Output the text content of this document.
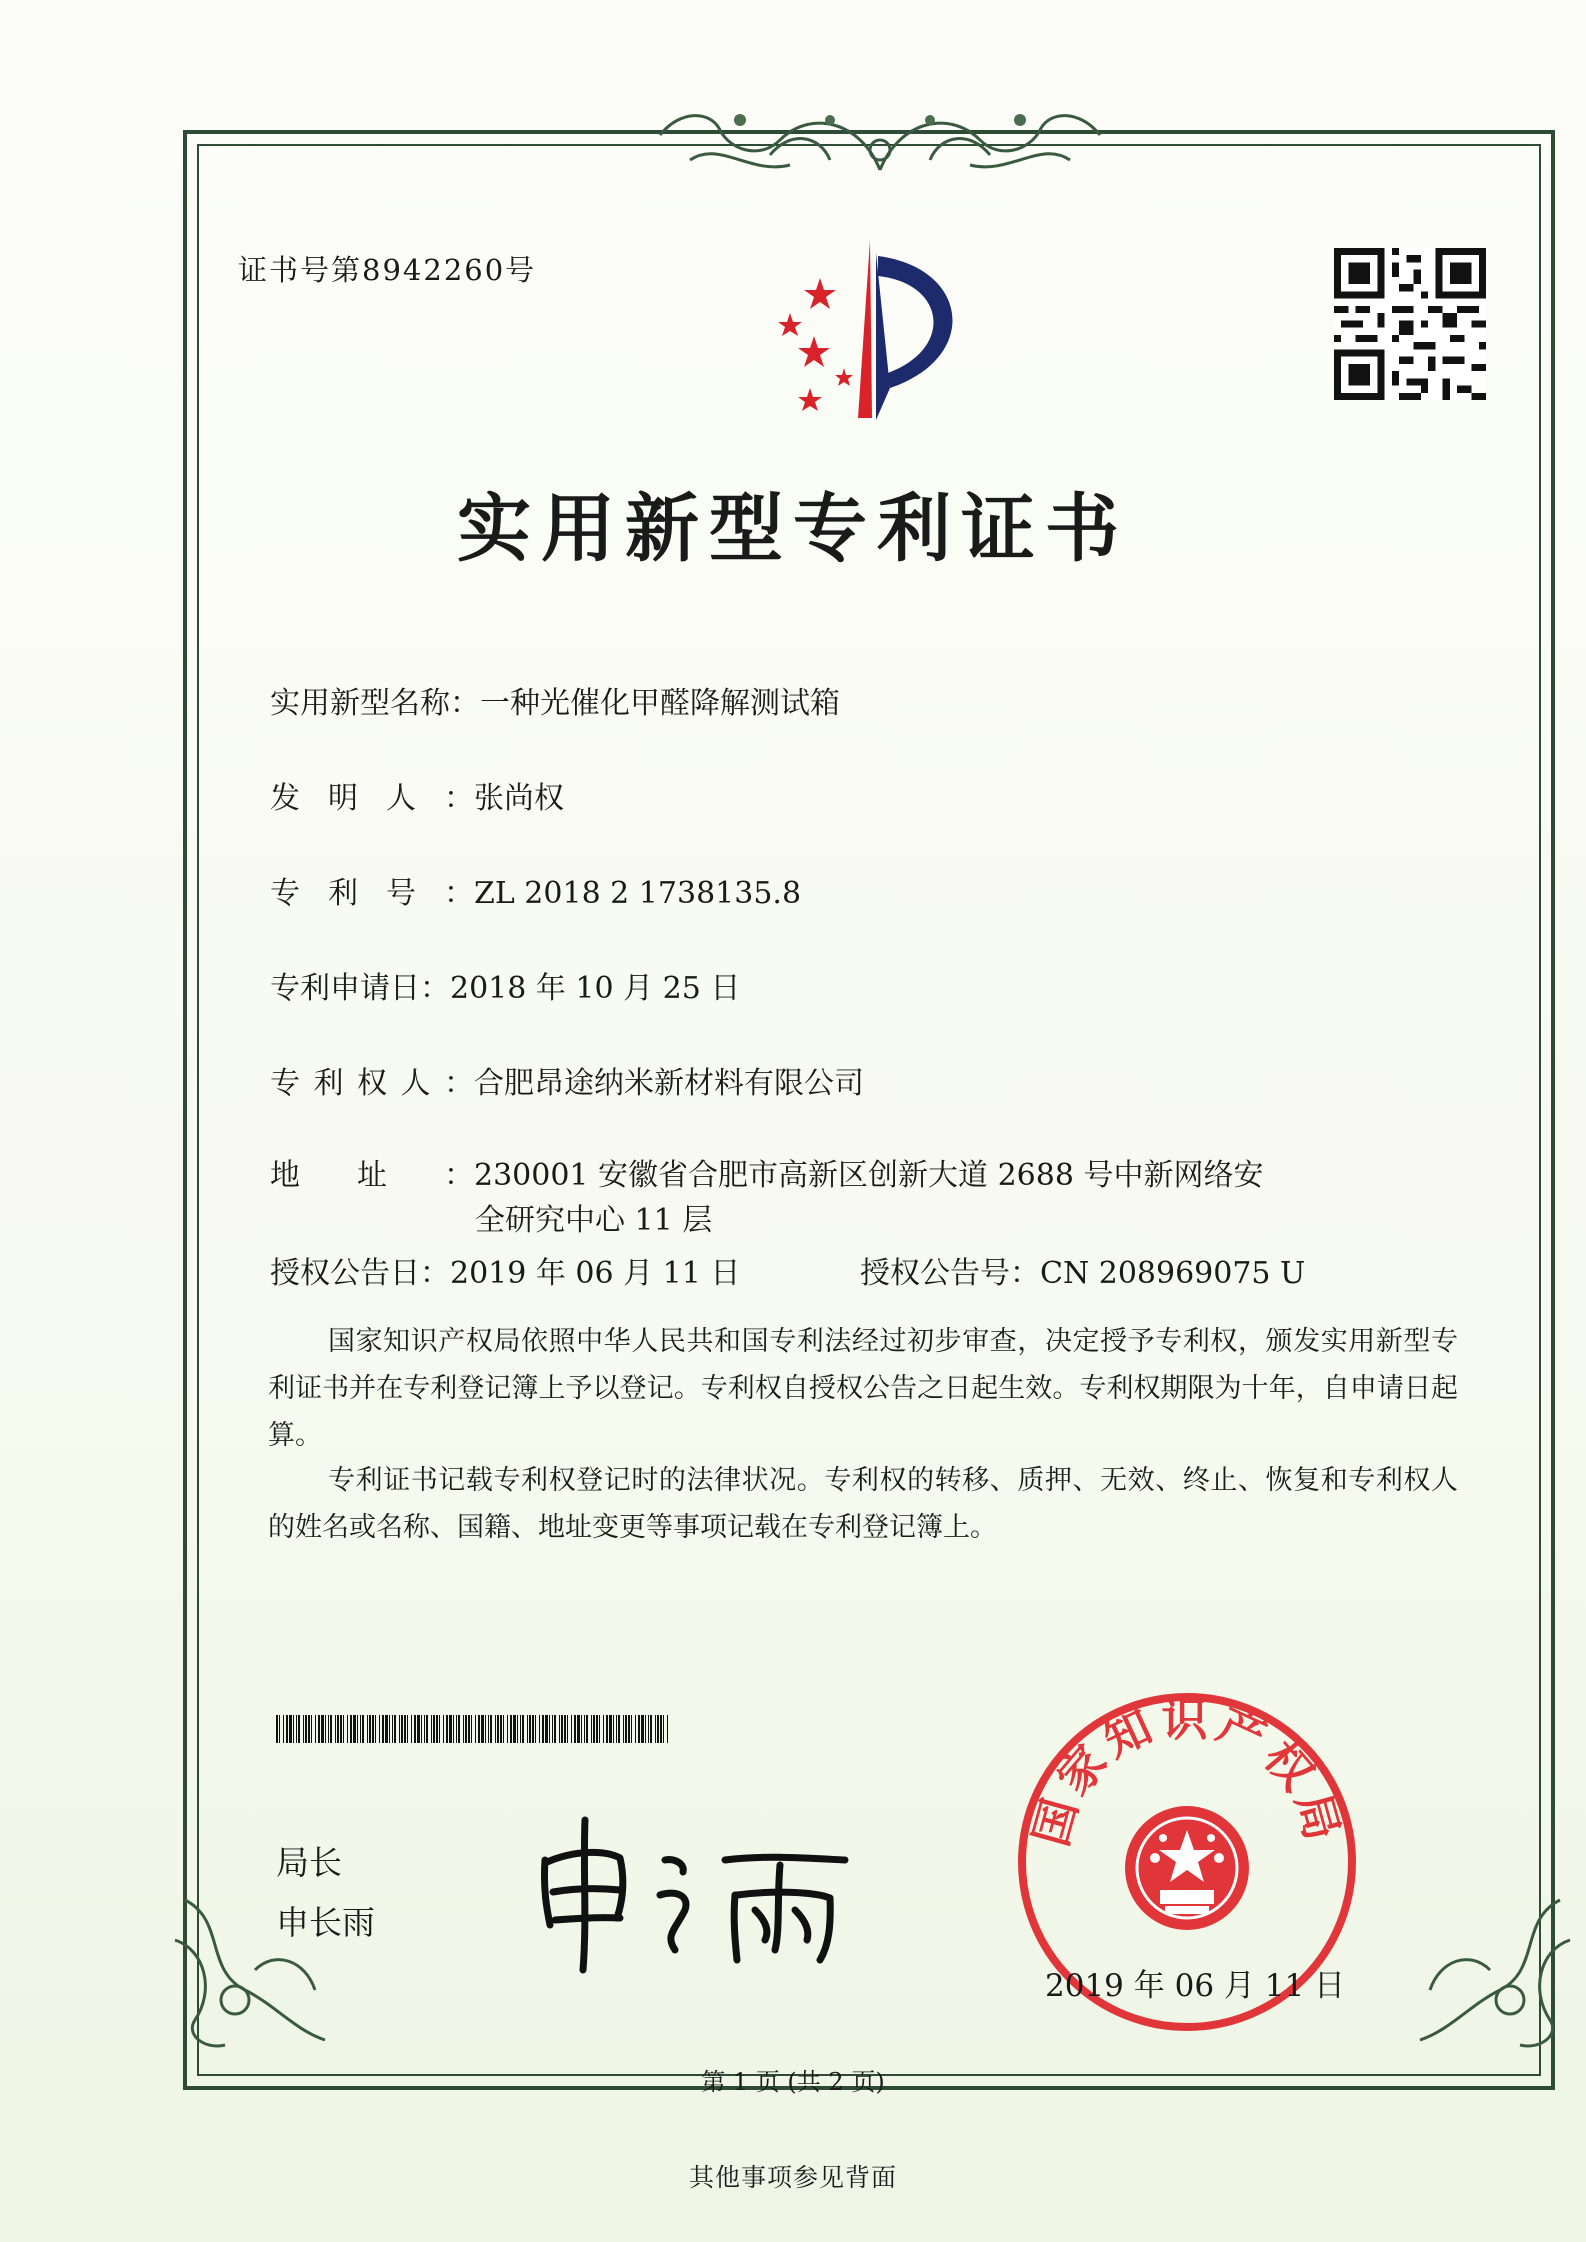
证书号第8942260号
实用新型专利证书
实用新型名称：一种光催化甲醛降解测试箱
发明人：张尚权
专利号：ZL 2018 2 1738135.8
专利申请日：2018 年 10 月 25 日
专利权人：合肥昂途纳米新材料有限公司
地址：230001 安徽省合肥市高新区创新大道 2688 号中新网络安
全研究中心 11 层
授权公告日：2019 年 06 月 11 日	授权公告号：CN 208969075 U
国家知识产权局依照中华人民共和国专利法经过初步审查，决定授予专利权，颁发实用新型专利证书并在专利登记簿上予以登记。专利权自授权公告之日起生效。专利权期限为十年，自申请日起算。
专利证书记载专利权登记时的法律状况。专利权的转移、质押、无效、终止、恢复和专利权人的姓名或名称、国籍、地址变更等事项记载在专利登记簿上。
局长
申长雨
国家知识产权局
2019 年 06 月 11 日
第 1 页 (共 2 页)
其他事项参见背面
